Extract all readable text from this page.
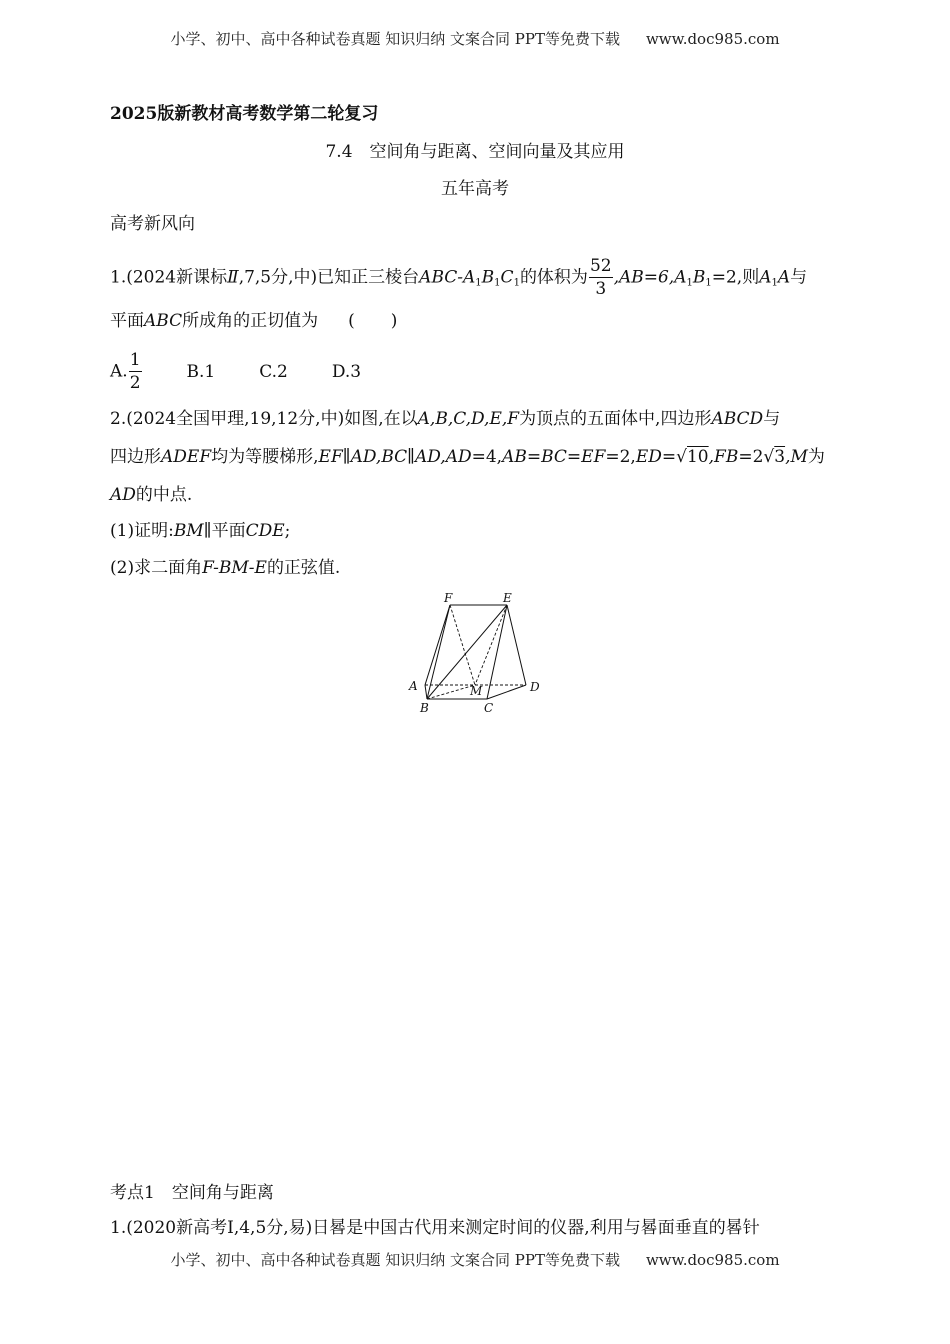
小学、初中、高中各种试卷真题 知识归纳 文案合同 PPT等免费下载 www.doc985.com
2025版新教材高考数学第二轮复习
7.4　空间角与距离、空间向量及其应用
五年高考
高考新风向
1.(2024新课标Ⅱ,7,5分,中)已知正三棱台ABC-$A_1B_1C_1$的体积为 $\frac{52}{3} ,AB=6,A_1B_1=2$,则$A_1A$与
平面ABC所成角的正切值为 ( )
A. $\frac{1}{2}$	B.1	C.2	D.3
2.(2024全国甲理,19,12分,中)如图,在以A,B,C,D,E,F为顶点的五面体中,四边形ABCD与
四边形ADEF均为等腰梯形,EF∥AD,BC∥AD,AD=4,AB=BC=EF=2,ED=√10,FB=2√3,M为
AD的中点.
(1)证明:BM∥平面CDE;
(2)求二面角F-BM-E的正弦值.
F	E
A	M	D
B	C
考点1　空间角与距离
1.(2020新高考Ⅰ,4,5分,易)日晷是中国古代用来测定时间的仪器,利用与晷面垂直的晷针
小学、初中、高中各种试卷真题 知识归纳 文案合同 PPT等免费下载 www.doc985.com
